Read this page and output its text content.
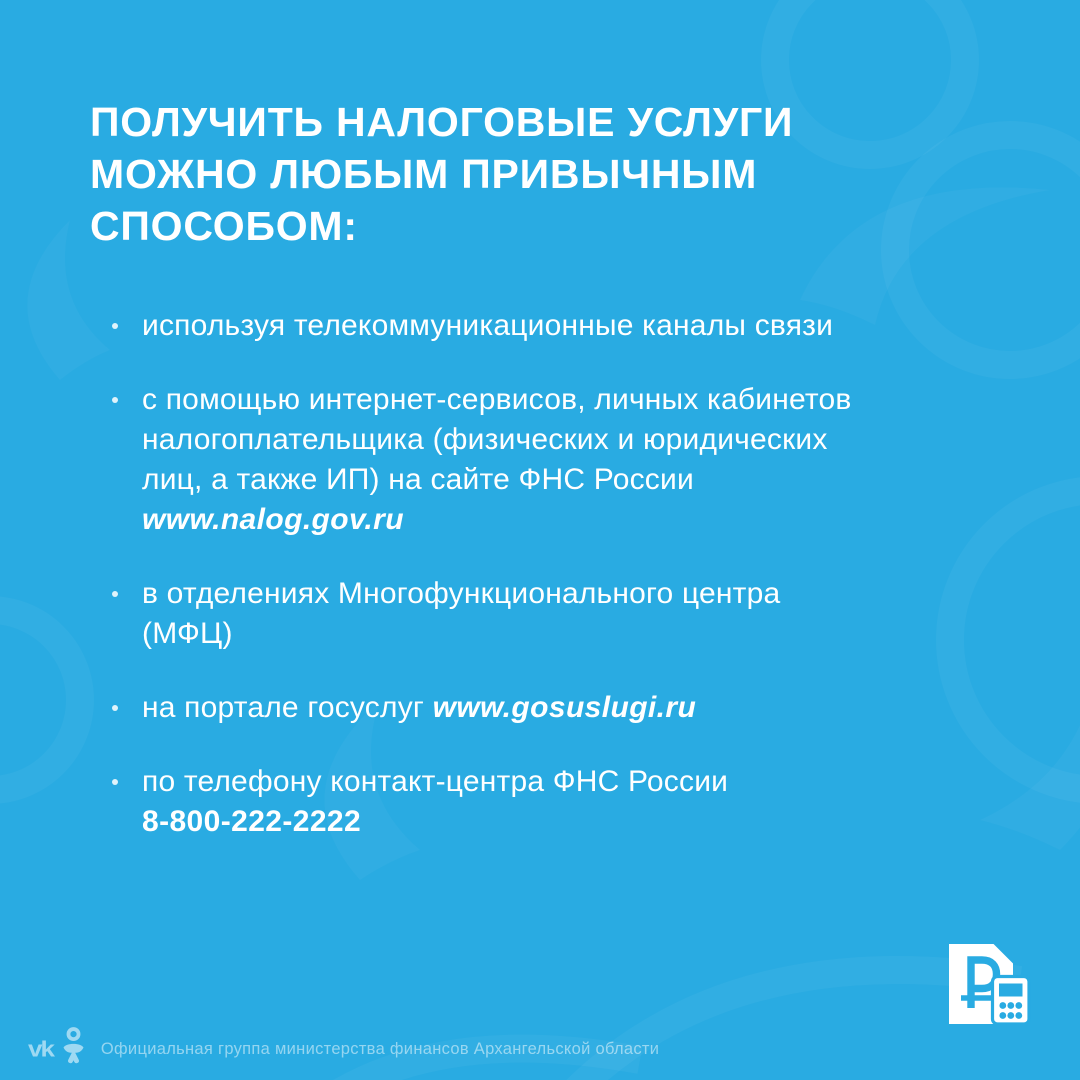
ПОЛУЧИТЬ НАЛОГОВЫЕ УСЛУГИ
МОЖНО ЛЮБЫМ ПРИВЫЧНЫМ
СПОСОБОМ:
используя телекоммуникационные каналы связи
с помощью интернет-сервисов, личных кабинетов
налогоплательщика (физических и юридических
лиц, а также ИП) на сайте ФНС России
www.nalog.gov.ru
в отделениях Многофункционального центра
(МФЦ)
на портале госуслуг www.gosuslugi.ru
по телефону контакт-центра ФНС России
8-800-222-2222
vk	Официальная группа министерства финансов Архангельской области
